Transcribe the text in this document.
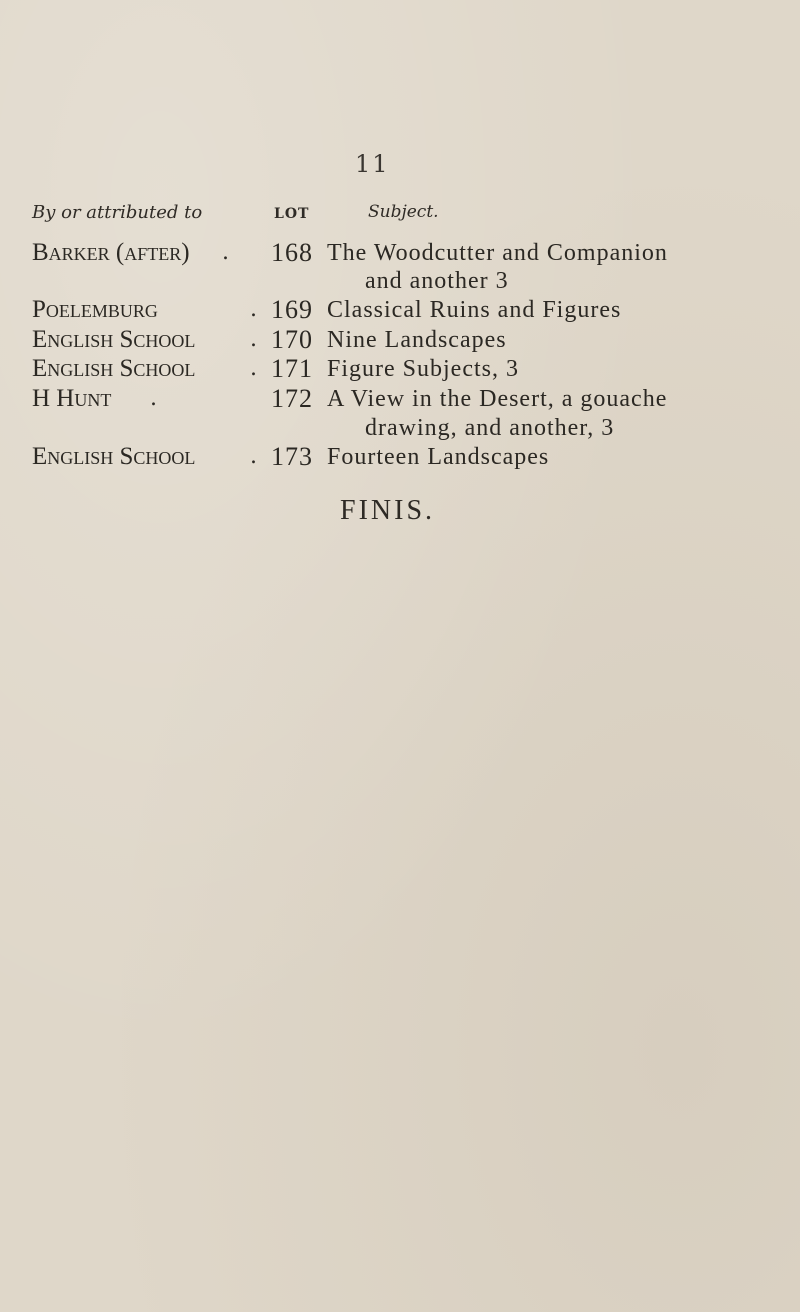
11
By or attributed to	LOT	Subject.
Barker (after) . 168 The Woodcutter and Companion
and another 3
Poelemburg	. 169 Classical Ruins and Figures
English School . 170 Nine Landscapes
English School . 171 Figure Subjects, 3
H Hunt .	172 A View in the Desert, a gouache
drawing, and another, 3
English School . 173 Fourteen Landscapes
FINIS.
